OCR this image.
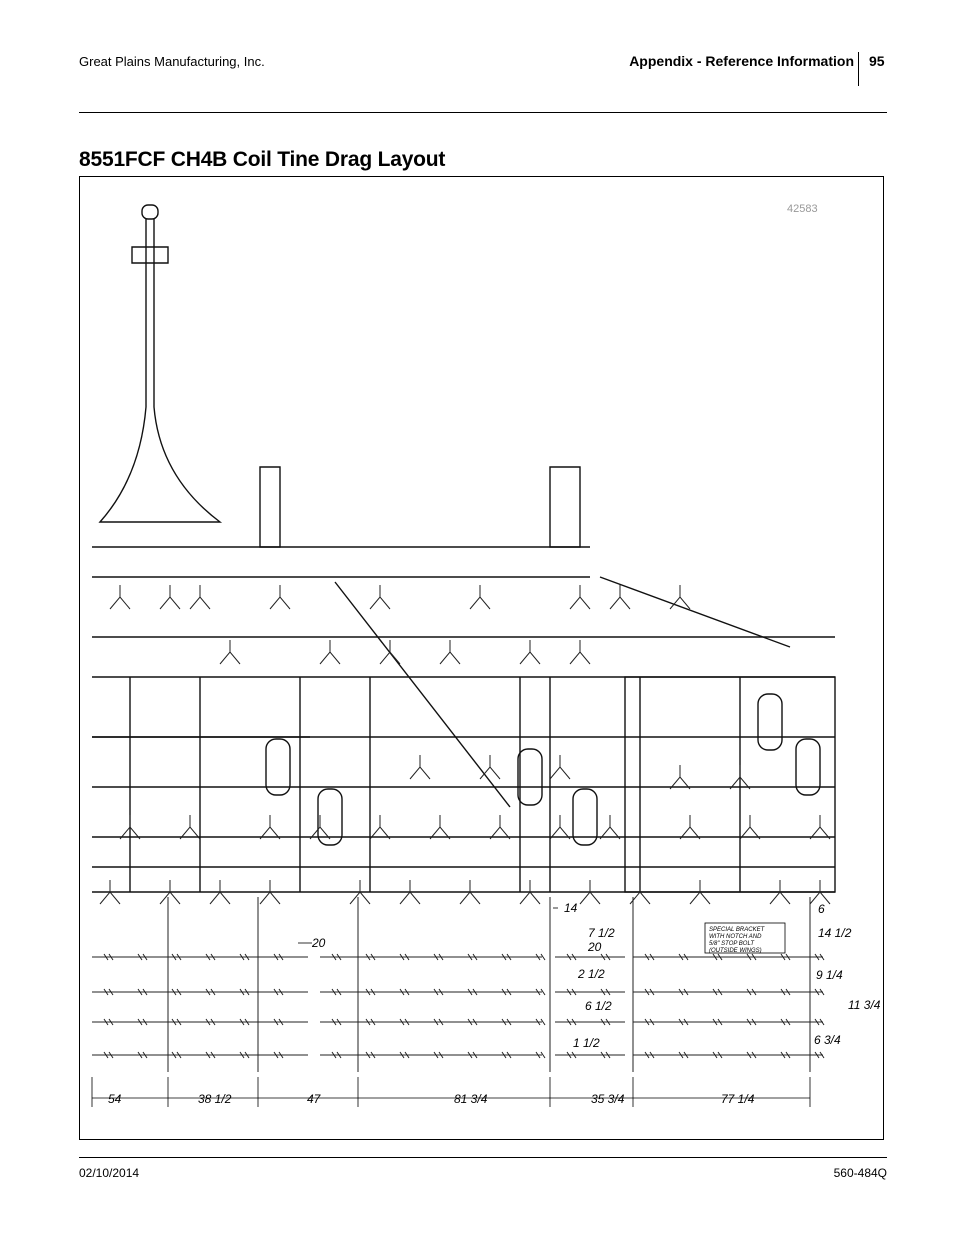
Great Plains Manufacturing, Inc.	Appendix - Reference Information 95
8551FCF CH4B Coil Tine Drag Layout
42583
54	38 1/2	47	81 3/4	35 3/4	77 1/4
14
7 1/2
20
2 1/2
6 1/2
1 1/2
6
14 1/2
9 1/4
11 3/4
6 3/4
20
SPECIAL BRACKET
WITH NOTCH AND
5/8" STOP BOLT
(OUTSIDE WINGS)
02/10/2014	560-484Q
